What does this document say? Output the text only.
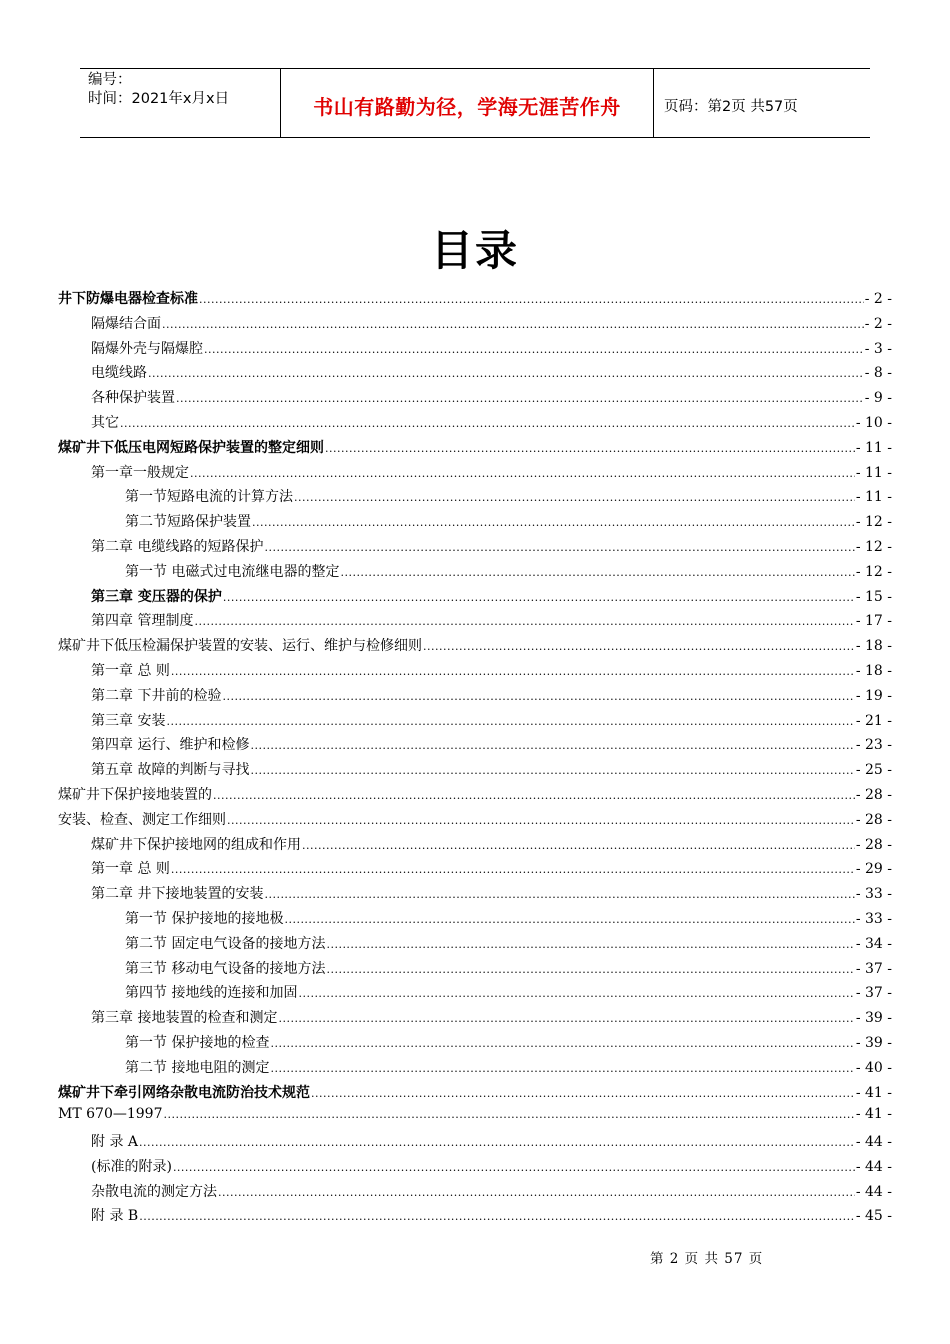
编号：
时间：2021年x月x日	书山有路勤为径，学海无涯苦作舟	页码：第2页 共57页
目录
井下防爆电器检查标准 .....	- 2 -
隔爆结合面 .....	- 2 -
隔爆外壳与隔爆腔 .....	- 3 -
电缆线路 .....	- 8 -
各种保护装置 .....	- 9 -
其它 .....	- 10 -
煤矿井下低压电网短路保护装置的整定细则 .....	- 11 -
第一章一般规定 .....	- 11 -
第一节短路电流的计算方法 .....	- 11 -
第二节短路保护装置 .....	- 12 -
第二章 电缆线路的短路保护 .....	- 12 -
第一节 电磁式过电流继电器的整定 .....	- 12 -
第三章 变压器的保护 .....	- 15 -
第四章 管理制度 .....	- 17 -
煤矿井下低压检漏保护装置的安装、运行、维护与检修细则 .....	- 18 -
第一章 总 则 .....	- 18 -
第二章 下井前的检验 .....	- 19 -
第三章 安装 .....	- 21 -
第四章 运行、维护和检修 .....	- 23 -
第五章 故障的判断与寻找 .....	- 25 -
煤矿井下保护接地装置的 .....	- 28 -
安装、检查、测定工作细则 .....	- 28 -
煤矿井下保护接地网的组成和作用 .....	- 28 -
第一章 总 则 .....	- 29 -
第二章 井下接地装置的安装 .....	- 33 -
第一节 保护接地的接地极 .....	- 33 -
第二节 固定电气设备的接地方法 .....	- 34 -
第三节 移动电气设备的接地方法 .....	- 37 -
第四节 接地线的连接和加固 .....	- 37 -
第三章 接地装置的检查和测定 .....	- 39 -
第一节 保护接地的检查 .....	- 39 -
第二节 接地电阻的测定 .....	- 40 -
煤矿井下牵引网络杂散电流防治技术规范 .....	- 41 -
MT 670—1997 .....	- 41 -
附 录 A .....	- 44 -
(标准的附录) .....	- 44 -
杂散电流的测定方法 .....	- 44 -
附 录 B .....	- 45 -
第 2 页 共 57 页
